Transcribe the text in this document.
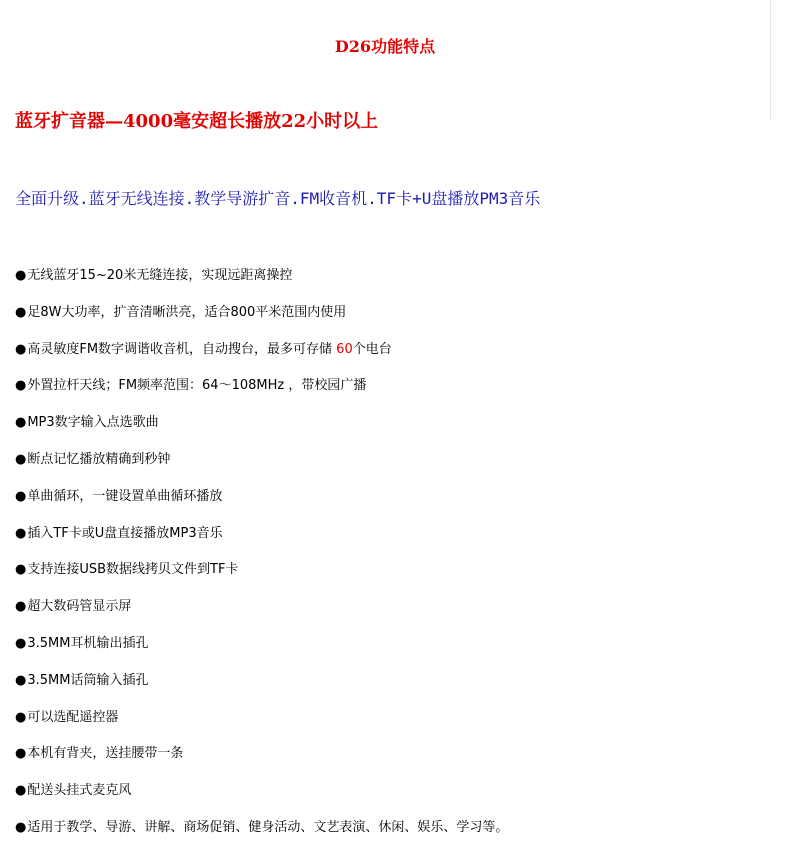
D26功能特点
蓝牙扩音器—4000毫安超长播放22小时以上
全面升级.蓝牙无线连接.教学导游扩音.FM收音机.TF卡+U盘播放PM3音乐
●无线蓝牙15~20米无缝连接，实现远距离操控
●足8W大功率，扩音清晰洪亮，适合800平米范围内使用
●高灵敏度FM数字调谐收音机，自动搜台，最多可存储 60个电台
●外置拉杆天线；FM频率范围：64～108MHz ，带校园广播
●MP3数字输入点选歌曲
●断点记忆播放精确到秒钟
●单曲循环，一键设置单曲循环播放
●插入TF卡或U盘直接播放MP3音乐
●支持连接USB数据线拷贝文件到TF卡
●超大数码管显示屏
●3.5MM耳机输出插孔
●3.5MM话筒输入插孔
●可以选配遥控器
●本机有背夹，送挂腰带一条
●配送头挂式麦克风
●适用于教学、导游、讲解、商场促销、健身活动、文艺表演、休闲、娱乐、学习等。
